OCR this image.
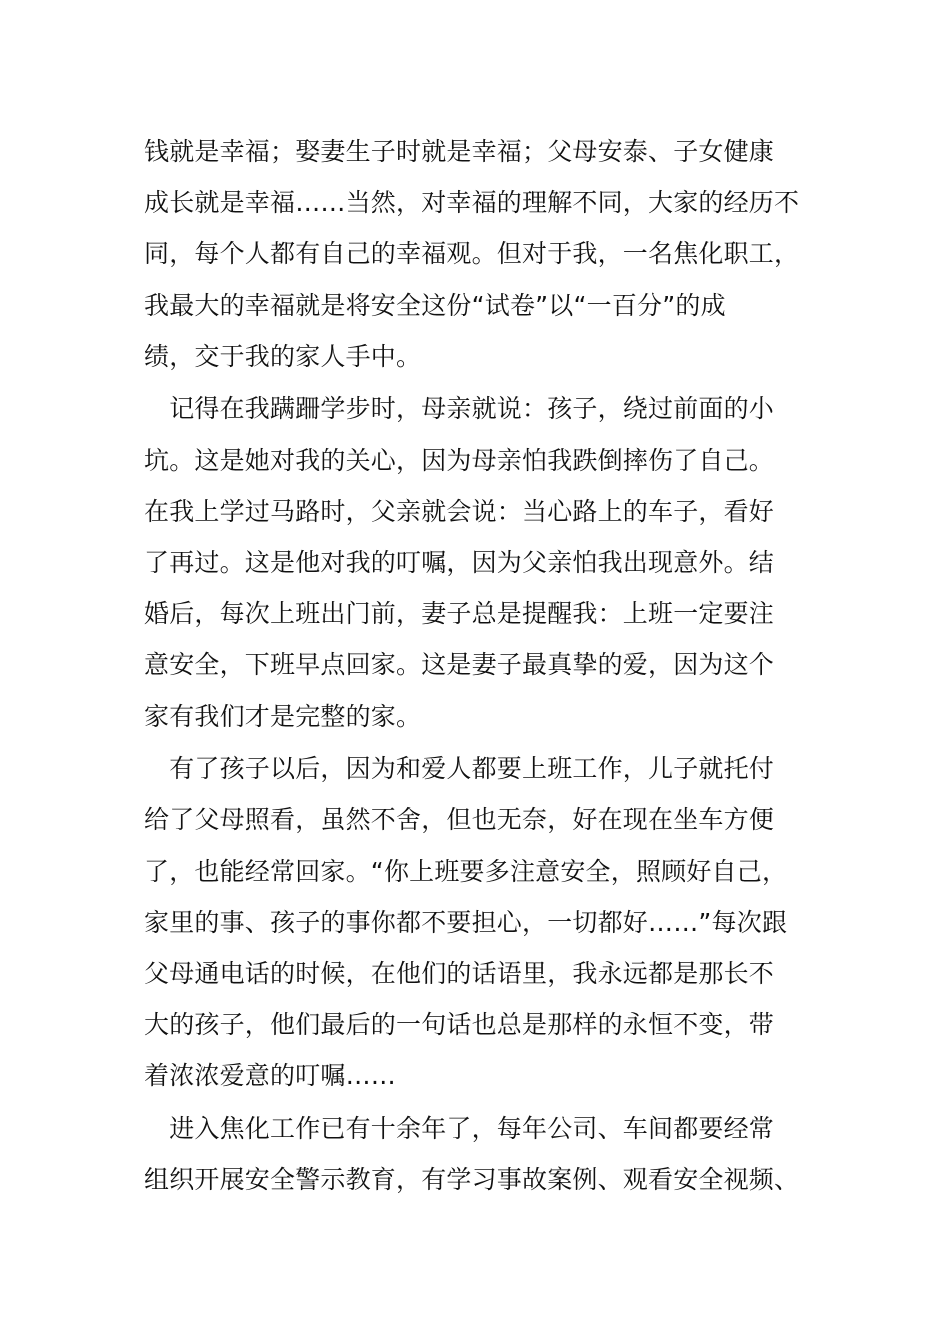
钱就是幸福；娶妻生子时就是幸福；父母安泰、子女健康
成长就是幸福……当然，对幸福的理解不同，大家的经历不
同，每个人都有自己的幸福观。但对于我，一名焦化职工，
我最大的幸福就是将安全这份“试卷”以“一百分”的成
绩，交于我的家人手中。
　记得在我蹒跚学步时，母亲就说：孩子，绕过前面的小
坑。这是她对我的关心，因为母亲怕我跌倒摔伤了自己。
在我上学过马路时，父亲就会说：当心路上的车子，看好
了再过。这是他对我的叮嘱，因为父亲怕我出现意外。结
婚后，每次上班出门前，妻子总是提醒我：上班一定要注
意安全，下班早点回家。这是妻子最真挚的爱，因为这个
家有我们才是完整的家。
　有了孩子以后，因为和爱人都要上班工作，儿子就托付
给了父母照看，虽然不舍，但也无奈，好在现在坐车方便
了，也能经常回家。“你上班要多注意安全，照顾好自己，
家里的事、孩子的事你都不要担心，一切都好……”每次跟
父母通电话的时候，在他们的话语里，我永远都是那长不
大的孩子，他们最后的一句话也总是那样的永恒不变，带
着浓浓爱意的叮嘱……
　进入焦化工作已有十余年了，每年公司、车间都要经常
组织开展安全警示教育，有学习事故案例、观看安全视频、
